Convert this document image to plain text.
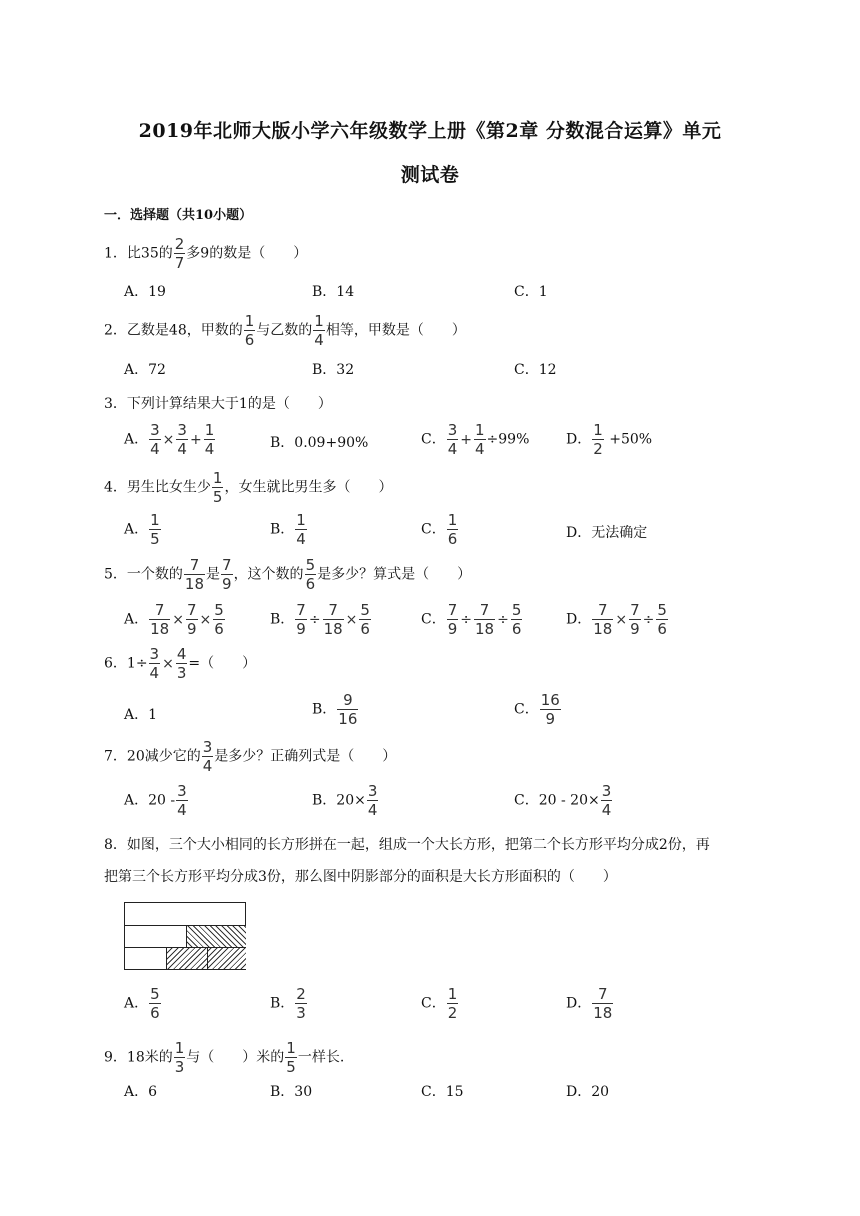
2019年北师大版小学六年级数学上册《第2章 分数混合运算》单元
测试卷
一．选择题（共10小题）
1．比35的 $\frac{2}{7}$ 多9的数是（　　）
A．19	B．14	C．1
2．乙数是48，甲数的 $\frac{1}{6}$ 与乙数的 $\frac{1}{4}$ 相等，甲数是（　　）
A．72	B．32	C．12
3．下列计算结果大于1的是（　　）
A． $\frac{3}{4} \times \frac{3}{4} + \frac{1}{4}$	B．0.09+90%	C． $\frac{3}{4} + \frac{1}{4} \div 99\%$	D． $\frac{1}{2} +50\%$
4．男生比女生少 $\frac{1}{5}$ ，女生就比男生多（　　）
A． $\frac{1}{5}$	B． $\frac{1}{4}$	C． $\frac{1}{6}$	D．无法确定
5．一个数的 $\frac{7}{18}$ 是 $\frac{7}{9}$ ，这个数的 $\frac{5}{6}$ 是多少？算式是（　　）
A． $\frac{7}{18} \times \frac{7}{9} \times \frac{5}{6}$	B． $\frac{7}{9} \div \frac{7}{18} \times \frac{5}{6}$	C． $\frac{7}{9} \div \frac{7}{18} \div \frac{5}{6}$	D． $\frac{7}{18} \times \frac{7}{9} \div \frac{5}{6}$
6．$1\div \frac{3}{4} \times \frac{4}{3}$ =（　　）
A．1	B． $\frac{9}{16}$	C． $\frac{16}{9}$
7．20减少它的 $\frac{3}{4}$ 是多少？正确列式是（　　）
A．$20 - \frac{3}{4}$	B．$20\times \frac{3}{4}$	C．$20 - 20\times \frac{3}{4}$
8．如图，三个大小相同的长方形拼在一起，组成一个大长方形，把第二个长方形平均分成2份，再
把第三个长方形平均分成3份，那么图中阴影部分的面积是大长方形面积的（　　）
A． $\frac{5}{6}$	B． $\frac{2}{3}$	C． $\frac{1}{2}$	D． $\frac{7}{18}$
9．18米的 $\frac{1}{3}$ 与（　　）米的 $\frac{1}{5}$ 一样长.
A．6	B．30	C．15	D．20
